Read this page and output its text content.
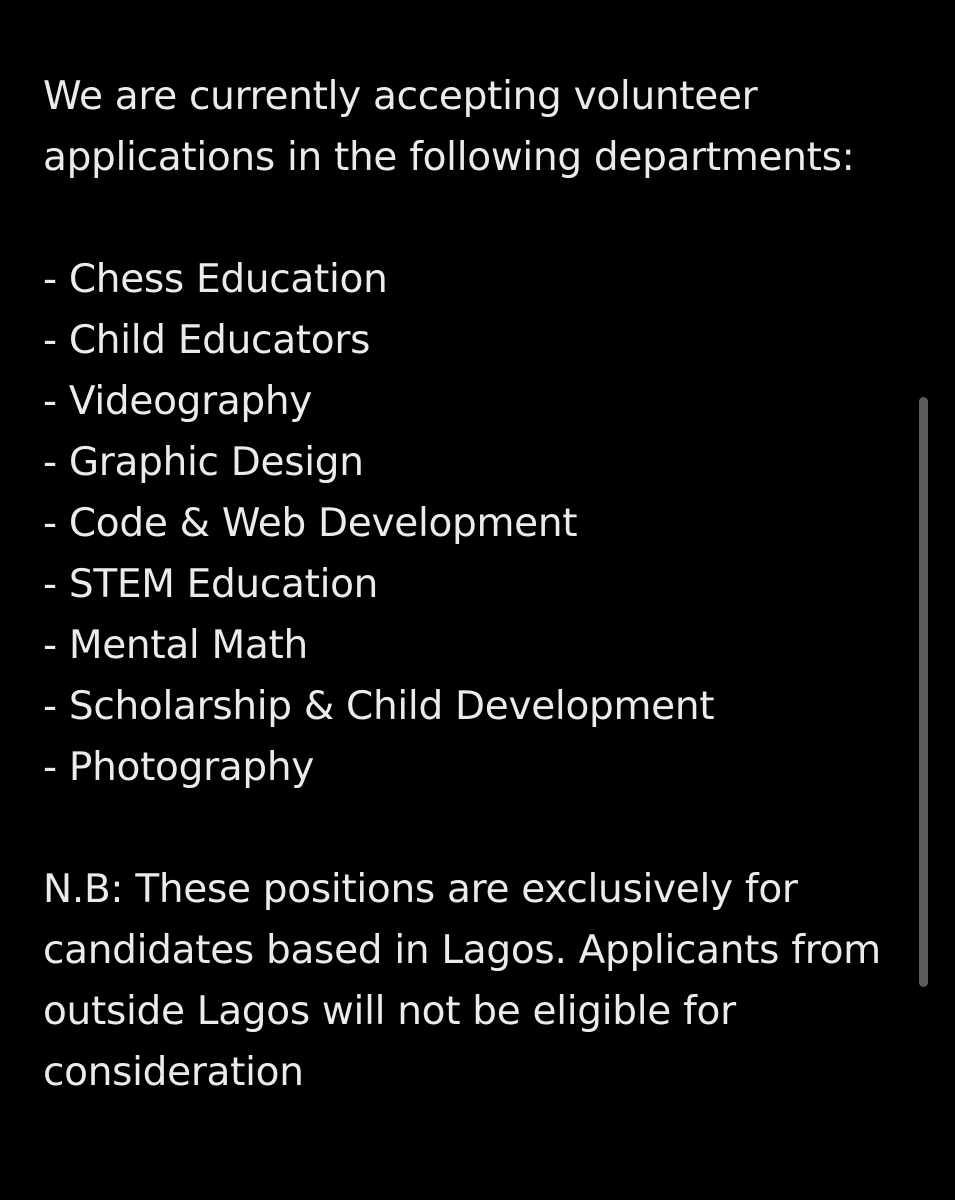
We are currently accepting volunteer
applications in the following departments:
- Chess Education
- Child Educators
- Videography
- Graphic Design
- Code & Web Development
- STEM Education
- Mental Math
- Scholarship & Child Development
- Photography
N.B: These positions are exclusively for
candidates based in Lagos. Applicants from
outside Lagos will not be eligible for
consideration
